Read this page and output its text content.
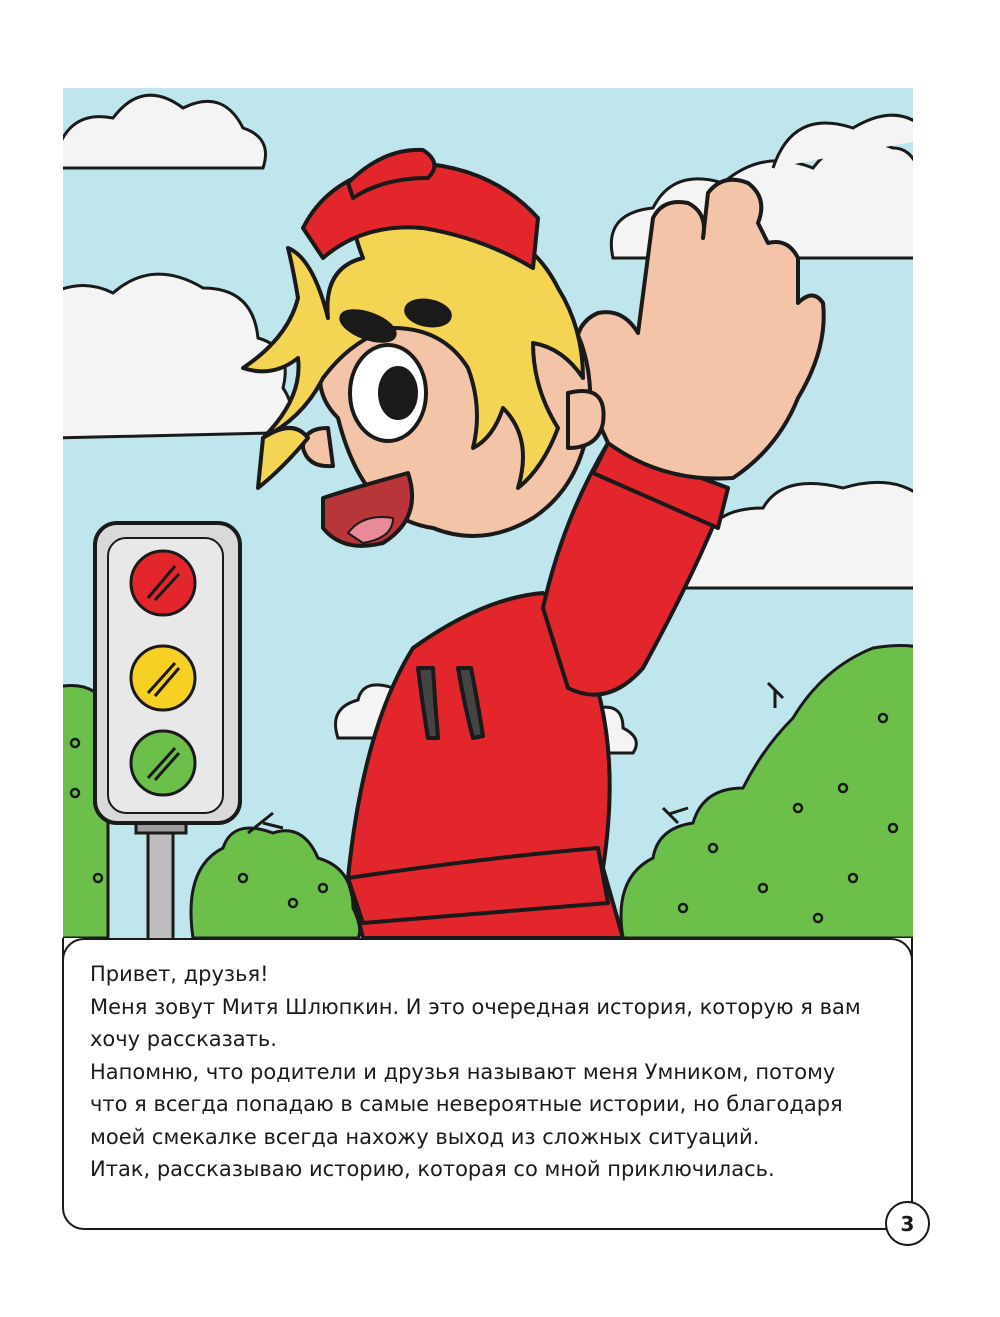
Привет, друзья!

Меня зовут Митя Шлюпкин. И это очередная история, которую я вам

хочу рассказать.

Напомню, что родители и друзья называют меня Умником, потому

что я всегда попадаю в самые невероятные истории, но благодаря

моей смекалке всегда нахожу выход из сложных ситуаций.

Итак, рассказываю историю, которая со мной приключилась.

3
